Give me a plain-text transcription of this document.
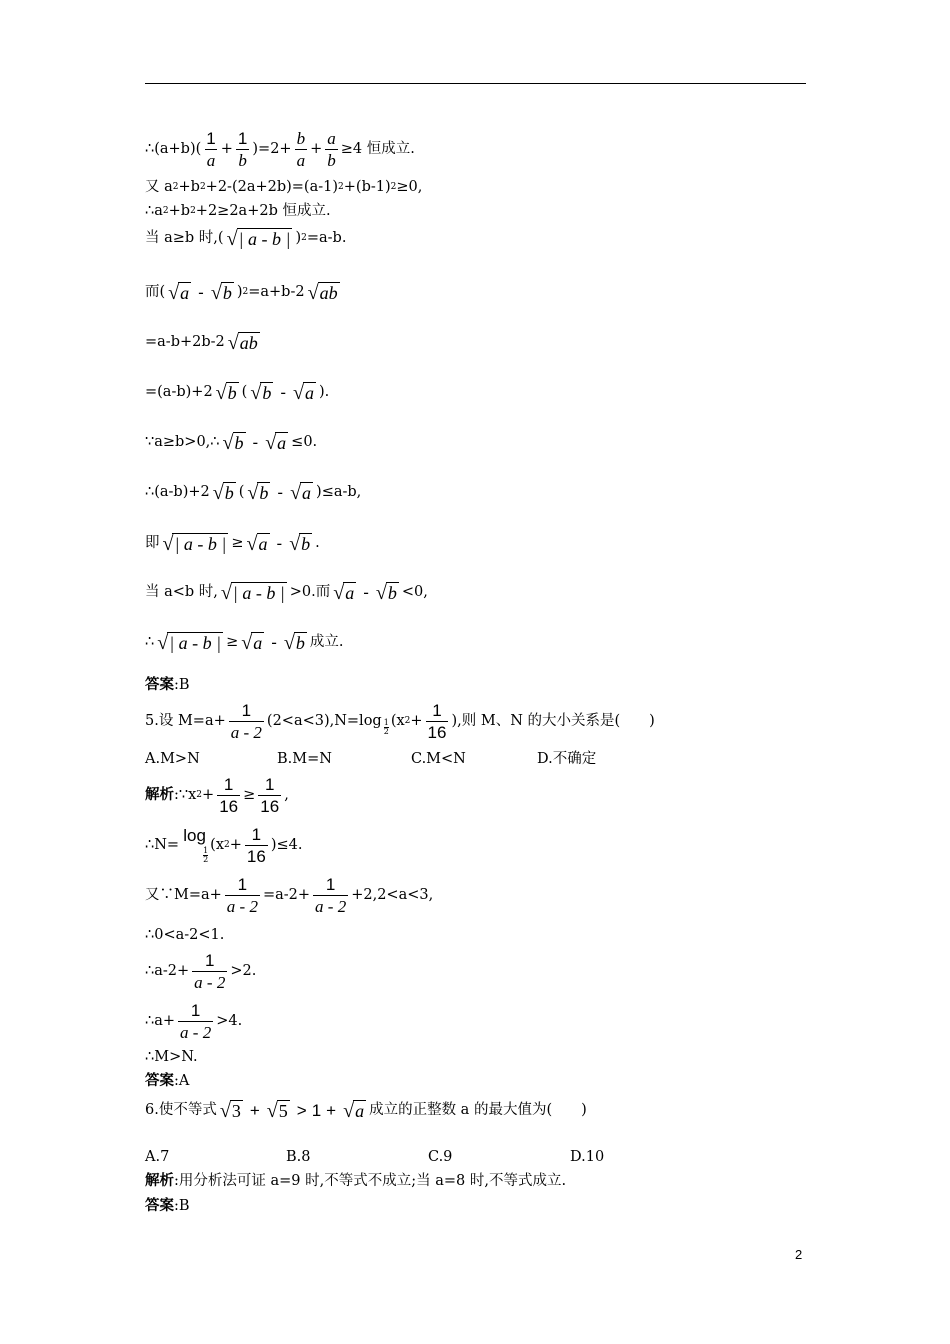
∴ $(a+b)( \frac{1}{a} + \frac{1}{b} )=2+ \frac{b}{a} + \frac{a}{b} \ge 4$ 恒成立.
又 a 2 +b 2 +2-(2a+2b)=(a-1) 2 +(b-1) 2 ≥0,
∴ a 2 +b 2 +2≥2a+2b 恒成立.
当 a≥b 时,( √ | a - b | ) 2 =a-b.
而( √ a - √ b ) 2 =a+b-2 √ ab
=a-b+2b-2 √ ab
=(a-b)+2 √ b ( √ b - √ a ).
∵ a≥b>0,∴ √ b - √ a ≤0.
∴ (a-b)+2 √ b ( √ b - √ a )≤a-b,
即 √ | a - b | ≥ √ a - √ b .
当 a<b 时, √ | a - b | >0.而 √ a - √ b <0,
∴ √ | a - b | ≥ √ a - √ b 成立.
答案 :B
5.设 $M=a+ \frac{1}{a - 2} (2<a<3),N=\log$ 1
2
(x $2 + \frac{1}{16}$ ),则 M、N 的大小关系是(　　)
A.M>N	B.M=N	C.M<N	D.不确定
解析 :∵x $2 + \frac{1}{16} \ge \frac{1}{16}$ ,
∴ N=
log
1
2
(x $2 + \frac{1}{16} )\le 4$.
又∵M=a+ $\frac{1}{a - 2} =a-2+ \frac{1}{a - 2} +2,2<a<3$,
∴ 0<a-2<1.
∴ $a-2+ \frac{1}{a - 2} >2$.
∴ $a+ \frac{1}{a - 2} >4$.
∴ M>N.
答案 :A
6.使不等式 √ 3 + √ 5 > 1 + √ a 成立的正整数 a 的最大值为(　　)
A.7	B.8	C.9	D.10
解析 :用分析法可证 a=9 时,不等式不成立;当 a=8 时,不等式成立.
答案 :B
2
